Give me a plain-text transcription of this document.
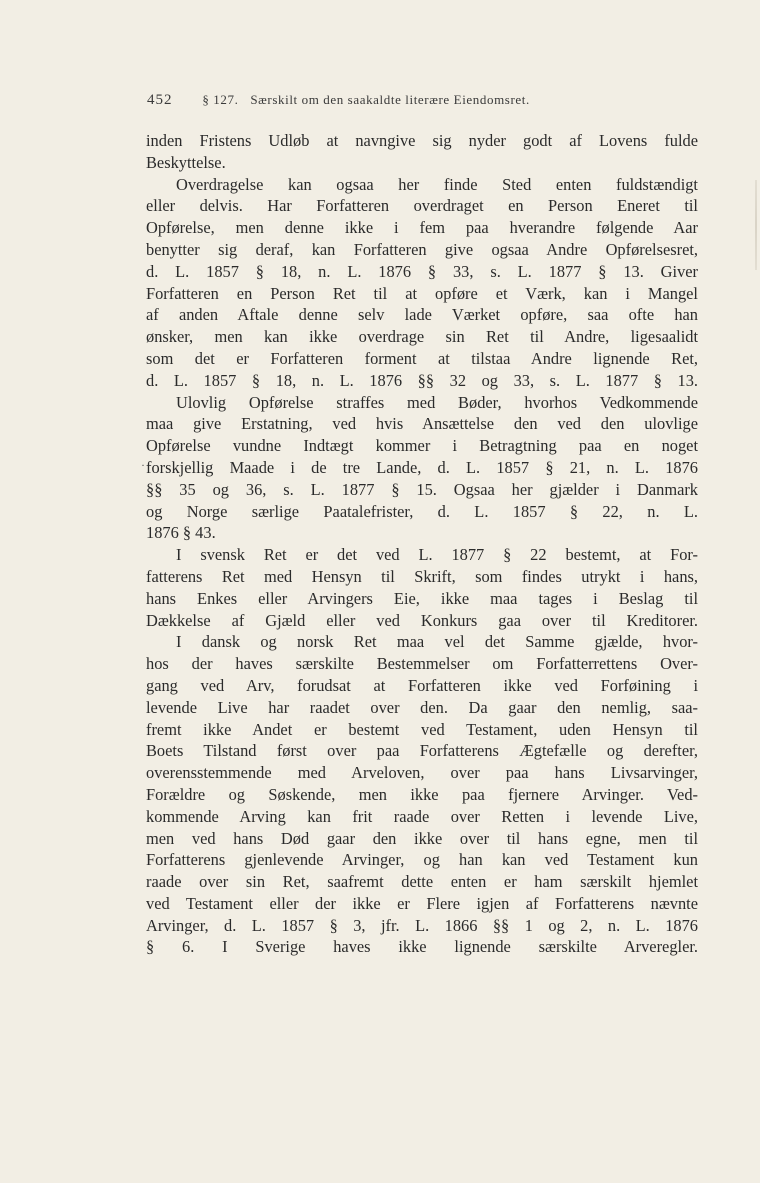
452 § 127. Særskilt om den saakaldte literære Eiendomsret.
·
inden Fristens Udløb at navngive sig nyder godt af Lovens fulde
Beskyttelse.
Overdragelse kan ogsaa her finde Sted enten fuldstændigt
eller delvis. Har Forfatteren overdraget en Person Eneret til
Opførelse, men denne ikke i fem paa hverandre følgende Aar
benytter sig deraf, kan Forfatteren give ogsaa Andre Opførelsesret,
d. L. 1857 § 18, n. L. 1876 § 33, s. L. 1877 § 13. Giver
Forfatteren en Person Ret til at opføre et Værk, kan i Mangel
af anden Aftale denne selv lade Værket opføre, saa ofte han
ønsker, men kan ikke overdrage sin Ret til Andre, ligesaalidt
som det er Forfatteren forment at tilstaa Andre lignende Ret,
d. L. 1857 § 18, n. L. 1876 §§ 32 og 33, s. L. 1877 § 13.
Ulovlig Opførelse straffes med Bøder, hvorhos Vedkommende
maa give Erstatning, ved hvis Ansættelse den ved den ulovlige
Opførelse vundne Indtægt kommer i Betragtning paa en noget
forskjellig Maade i de tre Lande, d. L. 1857 § 21, n. L. 1876
§§ 35 og 36, s. L. 1877 § 15. Ogsaa her gjælder i Danmark
og Norge særlige Paatalefrister, d. L. 1857 § 22, n. L.
1876 § 43.
I svensk Ret er det ved L. 1877 § 22 bestemt, at For-
fatterens Ret med Hensyn til Skrift, som findes utrykt i hans,
hans Enkes eller Arvingers Eie, ikke maa tages i Beslag til
Dækkelse af Gjæld eller ved Konkurs gaa over til Kreditorer.
I dansk og norsk Ret maa vel det Samme gjælde, hvor-
hos der haves særskilte Bestemmelser om Forfatterrettens Over-
gang ved Arv, forudsat at Forfatteren ikke ved Forføining i
levende Live har raadet over den. Da gaar den nemlig, saa-
fremt ikke Andet er bestemt ved Testament, uden Hensyn til
Boets Tilstand først over paa Forfatterens Ægtefælle og derefter,
overensstemmende med Arveloven, over paa hans Livsarvinger,
Forældre og Søskende, men ikke paa fjernere Arvinger. Ved-
kommende Arving kan frit raade over Retten i levende Live,
men ved hans Død gaar den ikke over til hans egne, men til
Forfatterens gjenlevende Arvinger, og han kan ved Testament kun
raade over sin Ret, saafremt dette enten er ham særskilt hjemlet
ved Testament eller der ikke er Flere igjen af Forfatterens nævnte
Arvinger, d. L. 1857 § 3, jfr. L. 1866 §§ 1 og 2, n. L. 1876
§ 6. I Sverige haves ikke lignende særskilte Arveregler.
